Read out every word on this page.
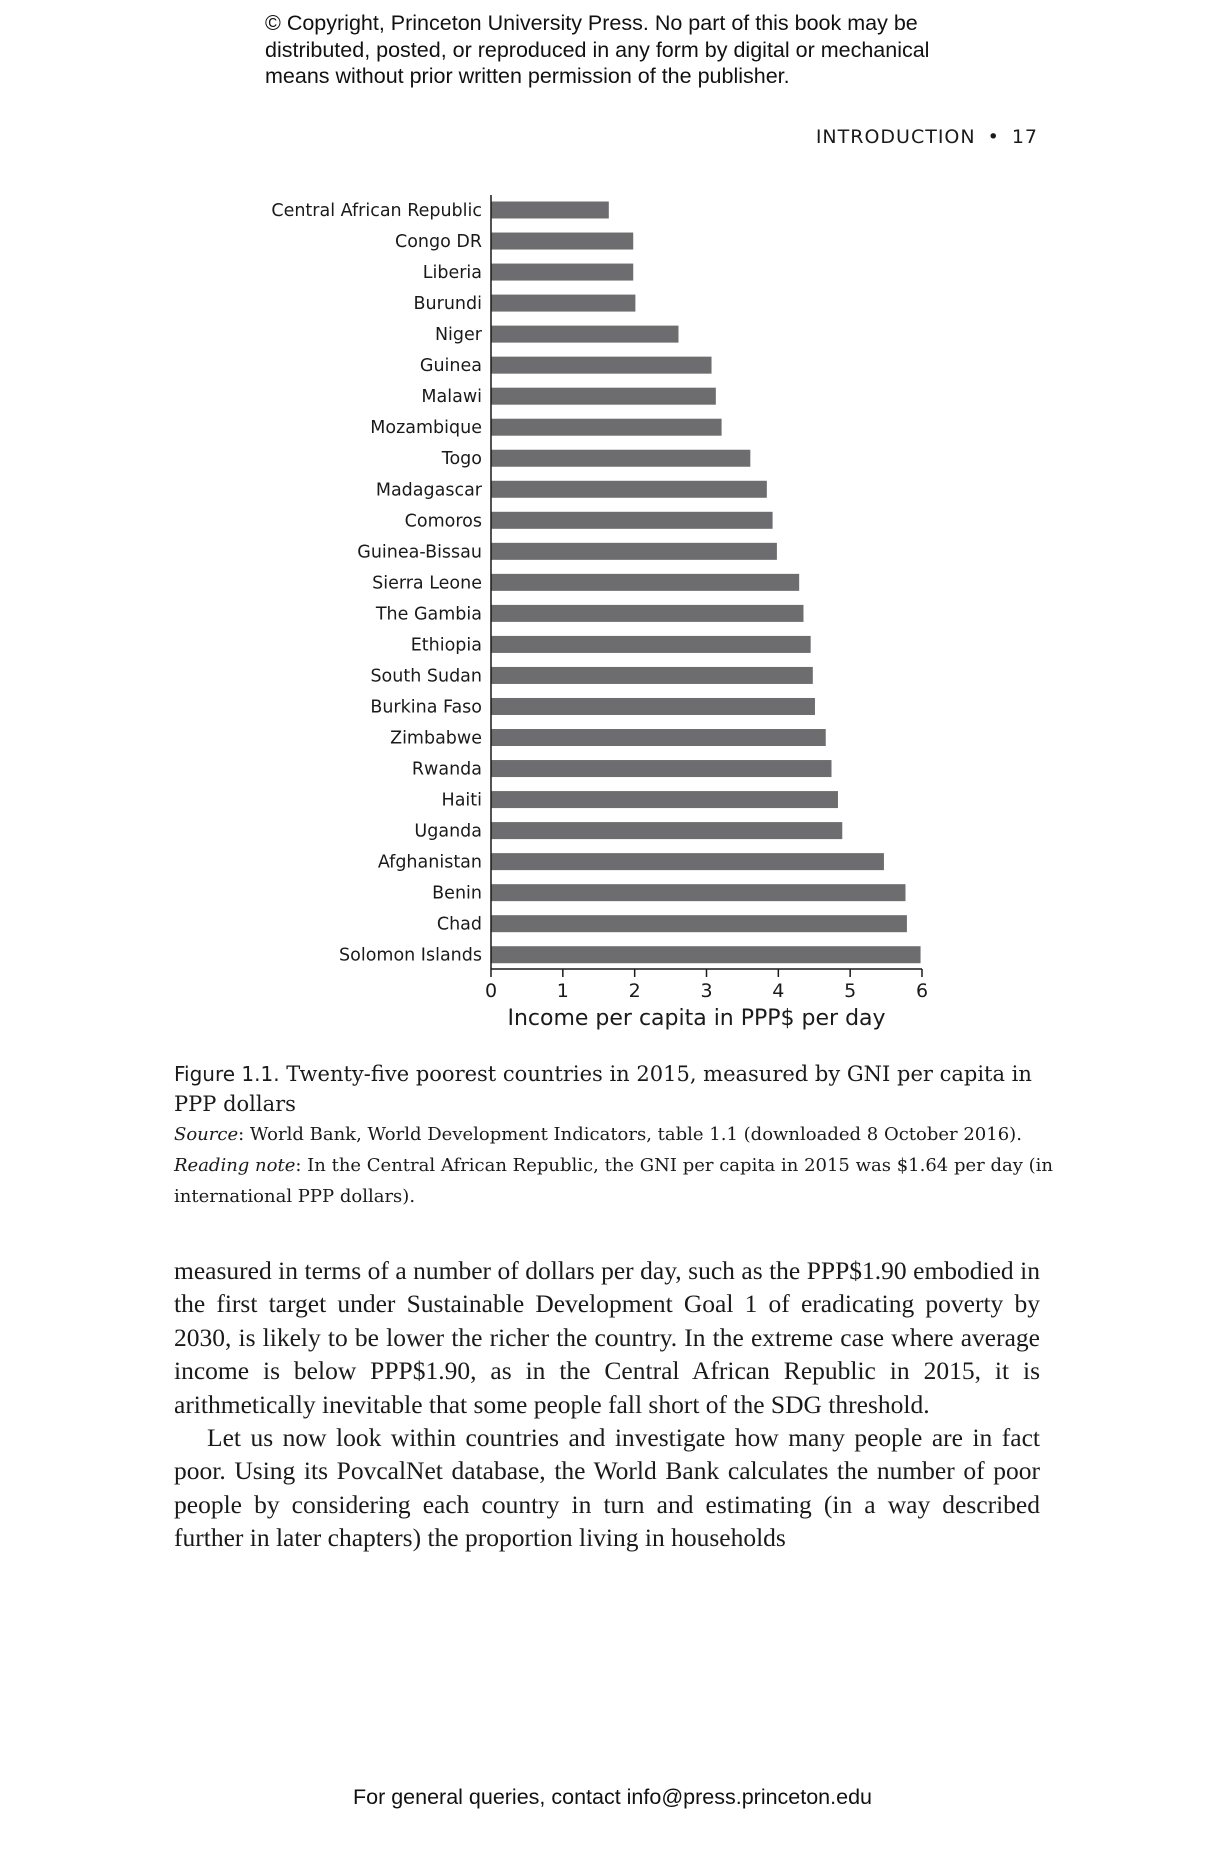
© Copyright, Princeton University Press. No part of this book may be
distributed, posted, or reproduced in any form by digital or mechanical
means without prior written permission of the publisher.
INTRODUCTION • 17
Central African Republic
Congo DR
Liberia
Burundi
Niger
Guinea
Malawi
Mozambique
Togo
Madagascar
Comoros
Guinea-Bissau
Sierra Leone
The Gambia
Ethiopia
South Sudan
Burkina Faso
Zimbabwe
Rwanda
Haiti
Uganda
Afghanistan
Benin
Chad
Solomon Islands
0	1	2	3	4	5	6
Income per capita in PPP$ per day

Figure 1.1. Twenty-five poorest countries in 2015, measured by GNI per capita in PPP dollars

Source: World Bank, World Development Indicators, table 1.1 (downloaded 8 October 2016).

Reading note: In the Central African Republic, the GNI per capita in 2015 was $1.64 per day (in international PPP dollars).

measured in terms of a number of dollars per day, such as the PPP$1.90 embodied in the first target under Sustainable Development Goal 1 of eradicating poverty by 2030, is likely to be lower the richer the country. In the extreme case where average income is below PPP$1.90, as in the Central African Republic in 2015, it is arithmetically inevitable that some people fall short of the SDG threshold.

Let us now look within countries and investigate how many people are in fact poor. Using its PovcalNet database, the World Bank calculates the number of poor people by considering each country in turn and estimating (in a way described further in later chapters) the proportion living in households

For general queries, contact info@press.princeton.edu
